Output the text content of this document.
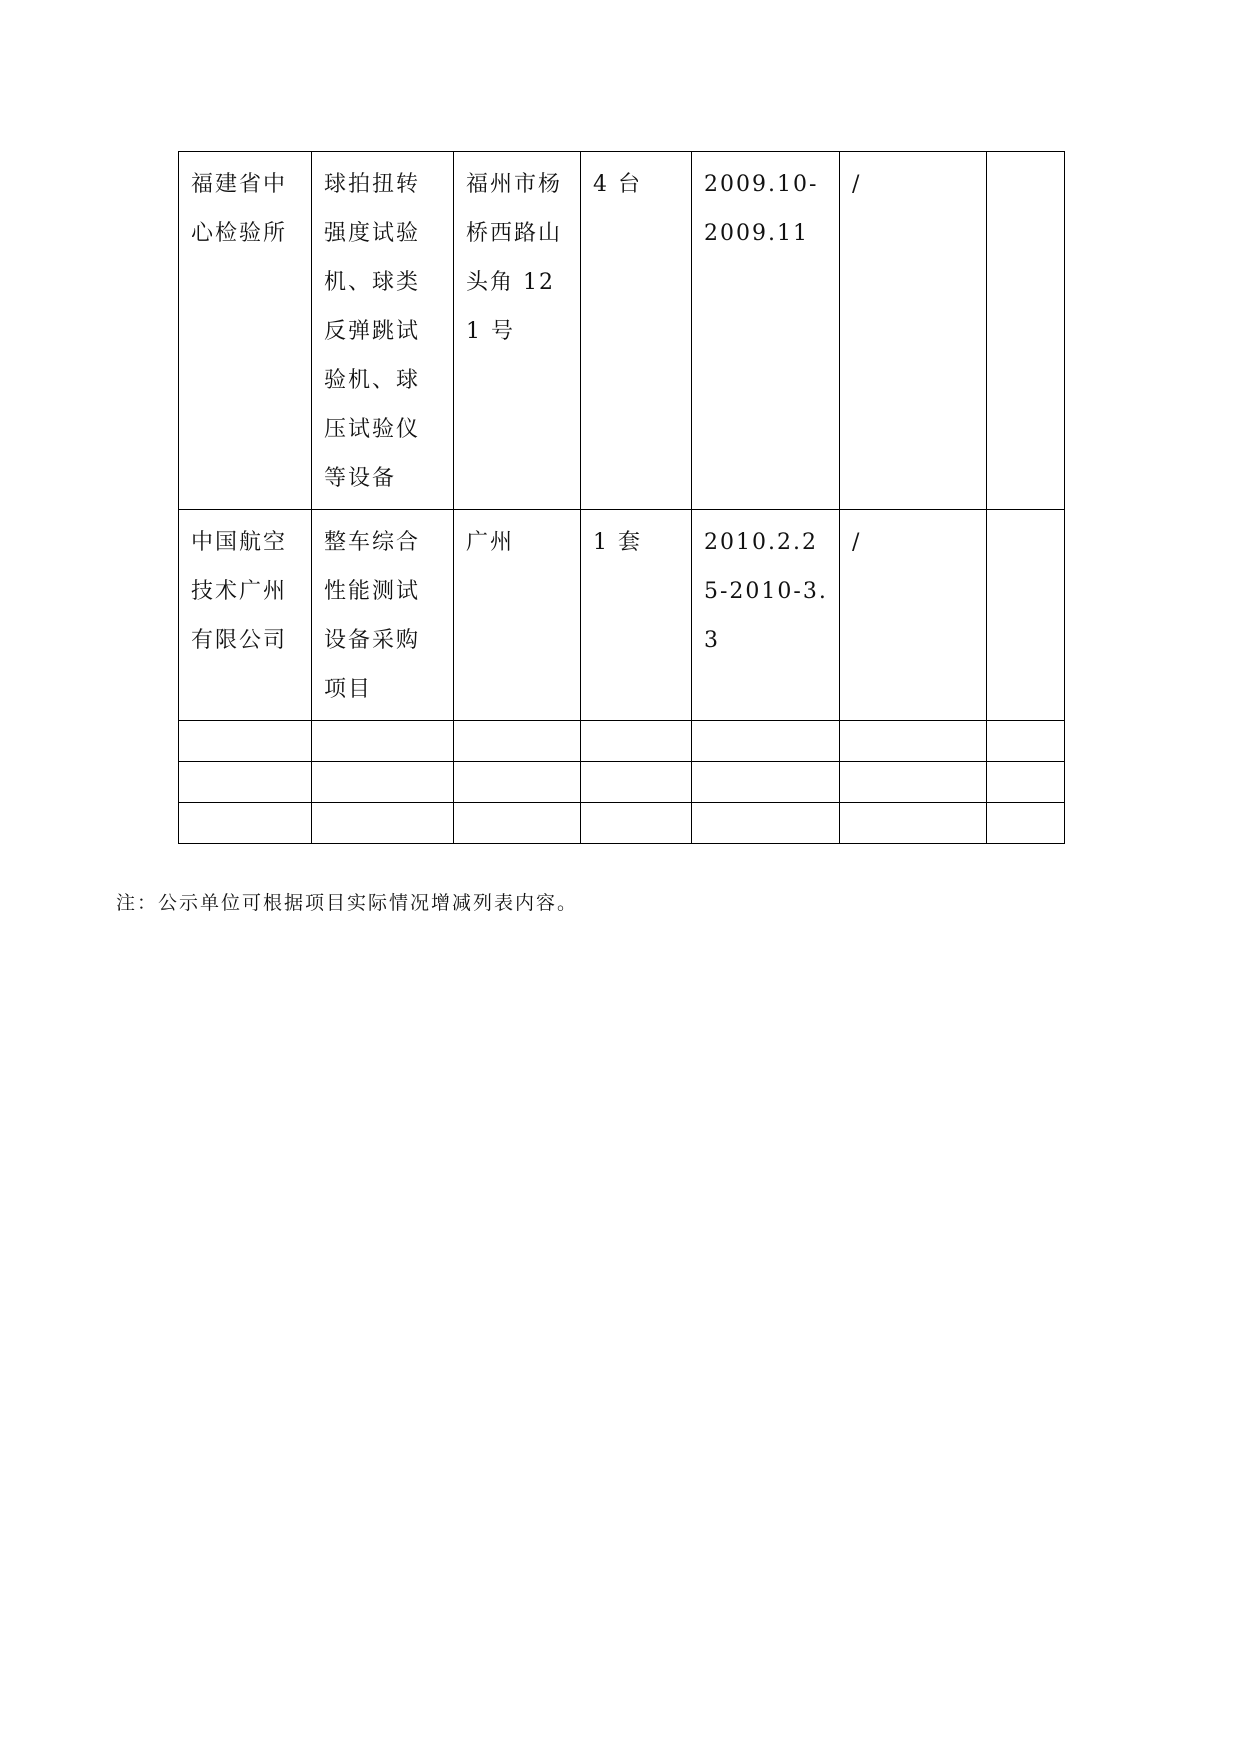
福建省中心检验所	球拍扭转强度试验机、球类反弹跳试验机、球压试验仪等设备	福州市杨桥西路山头角 121 号	4 台	2009.10-2009.11	/	
中国航空技术广州有限公司	整车综合性能测试设备采购项目	广州	1 套	2010.2.25-2010-3.3	/	

注：公示单位可根据项目实际情况增减列表内容。
